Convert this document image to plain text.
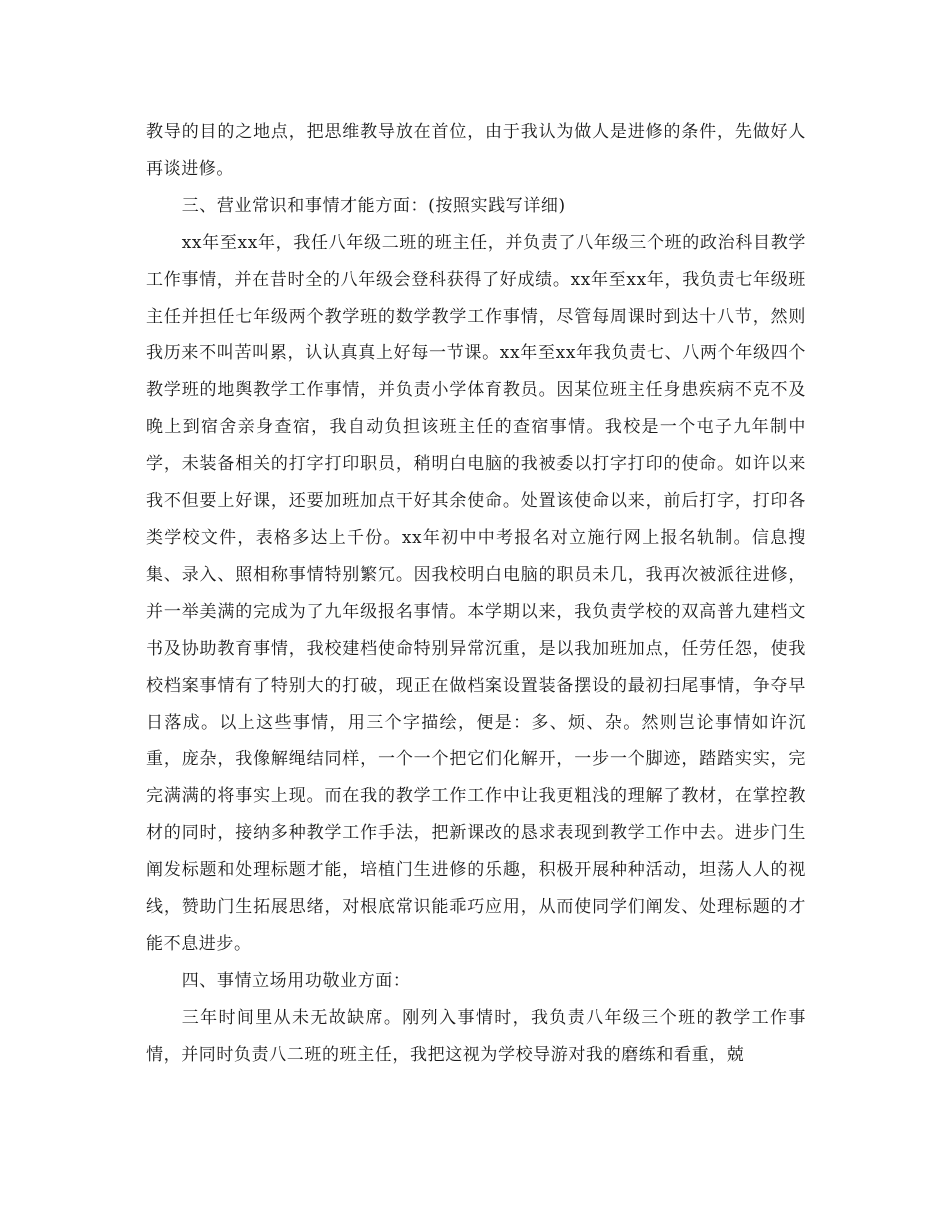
教导的目的之地点，把思维教导放在首位，由于我认为做人是进修的条件，先做好人再谈进修。

三、营业常识和事情才能方面：(按照实践写详细)

xx年至xx年，我任八年级二班的班主任，并负责了八年级三个班的政治科目教学工作事情，并在昔时全的八年级会登科获得了好成绩。xx年至xx年，我负责七年级班主任并担任七年级两个教学班的数学教学工作事情，尽管每周课时到达十八节，然则我历来不叫苦叫累，认认真真上好每一节课。xx年至xx年我负责七、八两个年级四个教学班的地舆教学工作事情，并负责小学体育教员。因某位班主任身患疾病不克不及晚上到宿舍亲身查宿，我自动负担该班主任的查宿事情。我校是一个屯子九年制中学，未装备相关的打字打印职员，稍明白电脑的我被委以打字打印的使命。如许以来我不但要上好课，还要加班加点干好其余使命。处置该使命以来，前后打字，打印各类学校文件，表格多达上千份。xx年初中中考报名对立施行网上报名轨制。信息搜集、录入、照相称事情特别繁冗。因我校明白电脑的职员未几，我再次被派往进修，并一举美满的完成为了九年级报名事情。本学期以来，我负责学校的双高普九建档文书及协助教育事情，我校建档使命特别异常沉重，是以我加班加点，任劳任怨，使我校档案事情有了特别大的打破，现正在做档案设置装备摆设的最初扫尾事情，争夺早日落成。以上这些事情，用三个字描绘，便是：多、烦、杂。然则岂论事情如许沉重，庞杂，我像解绳结同样，一个一个把它们化解开，一步一个脚迹，踏踏实实，完完满满的将事实上现。而在我的教学工作工作中让我更粗浅的理解了教材，在掌控教材的同时，接纳多种教学工作手法，把新课改的恳求表现到教学工作中去。进步门生阐发标题和处理标题才能，培植门生进修的乐趣，积极开展种种活动，坦荡人人的视线，赞助门生拓展思绪，对根底常识能乖巧应用，从而使同学们阐发、处理标题的才能不息进步。

四、事情立场用功敬业方面：

三年时间里从未无故缺席。刚列入事情时，我负责八年级三个班的教学工作事情，并同时负责八二班的班主任，我把这视为学校导游对我的磨练和看重，兢
